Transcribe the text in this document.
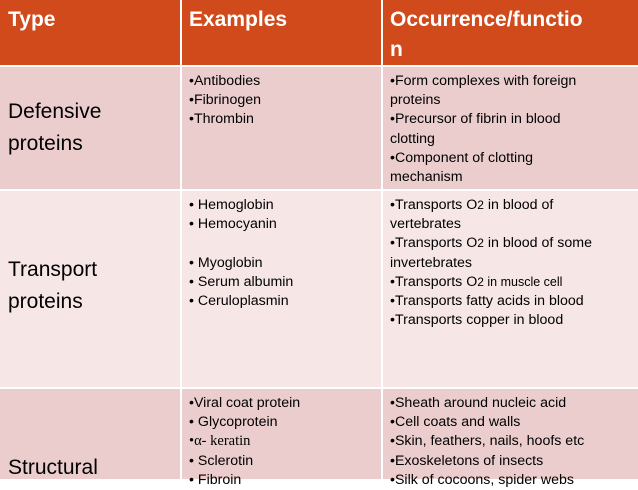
Type	Examples	Occurrence/functio
n
Defensive
proteins
•Antibodies
•Fibrinogen
•Thrombin
•Form complexes with foreign
proteins
•Precursor of fibrin in blood
clotting
•Component of clotting
mechanism
Transport
proteins
• Hemoglobin
• Hemocyanin

• Myoglobin
• Serum albumin
• Ceruloplasmin
•Transports O2 in blood of
vertebrates
•Transports O2 in blood of some
invertebrates
•Transports O2 in muscle cell
•Transports fatty acids in blood
•Transports copper in blood
Structural
•Viral coat protein
• Glycoprotein
•α- keratin
• Sclerotin
• Fibroin
•Sheath around nucleic acid
•Cell coats and walls
•Skin, feathers, nails, hoofs etc
•Exoskeletons of insects
•Silk of cocoons, spider webs
